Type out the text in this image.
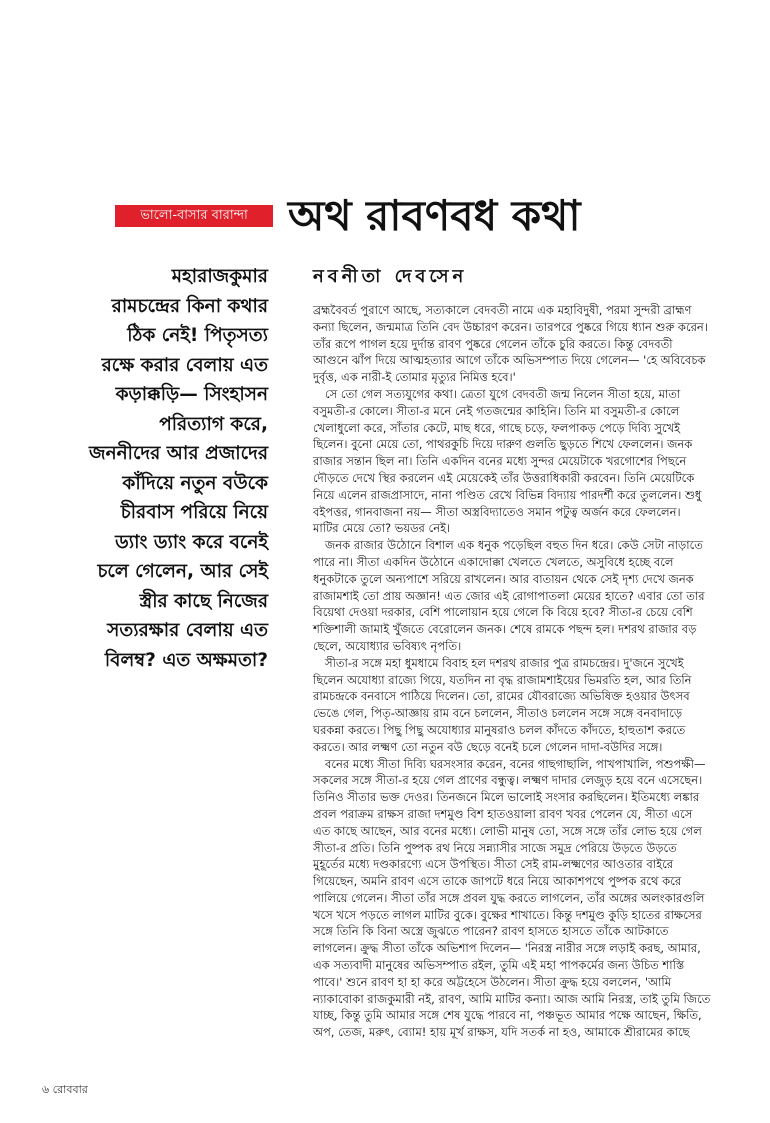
ভালো-বাসার বারান্দা অথ রাবণবধ কথা
নবনীতা দেবসেন

মহারাজকুমার

রামচন্দ্রের কিনা কথার

ঠিক নেই! পিতৃসত্য

রক্ষে করার বেলায় এত

কড়াক্কড়ি— সিংহাসন

পরিত্যাগ করে,

জননীদের আর প্রজাদের

কাঁদিয়ে নতুন বউকে

চীরবাস পরিয়ে নিয়ে

ড্যাং ড্যাং করে বনেই

চলে গেলেন, আর সেই

স্ত্রীর কাছে নিজের

সত্যরক্ষার বেলায় এত

বিলম্ব? এত অক্ষমতা?

ব্রহ্মবৈবর্ত পুরাণে আছে, সত্যকালে বেদবতী নামে এক মহাবিদুষী, পরমা সুন্দরী ব্রাহ্মণ

কন্যা ছিলেন, জন্মমাত্র তিনি বেদ উচ্চারণ করেন। তারপরে পুষ্করে গিয়ে ধ্যান শুরু করেন।

তাঁর রূপে পাগল হয়ে দুর্দান্ত রাবণ পুষ্করে গেলেন তাঁকে চুরি করতে। কিন্তু বেদবতী

আগুনে ঝাঁপ দিয়ে আত্মহত্যার আগে তাঁকে অভিসম্পাত দিয়ে গেলেন— 'হে অবিবেচক

দুর্বৃত্ত, এক নারী-ই তোমার মৃত্যুর নিমিত্ত হবে।'

সে তো গেল সত্যযুগের কথা। ত্রেতা যুগে বেদবতী জন্ম নিলেন সীতা হয়ে, মাতা

বসুমতী-র কোলে। সীতা-র মনে নেই গতজন্মের কাহিনি। তিনি মা বসুমতী-র কোলে

খেলাধুলো করে, সাঁতার কেটে, মাছ ধরে, গাছে চড়ে, ফলপাকড় পেড়ে দিব্যি সুখেই

ছিলেন। বুনো মেয়ে তো, পাথরকুচি দিয়ে দারুণ গুলতি ছুড়তে শিখে ফেললেন। জনক

রাজার সন্তান ছিল না। তিনি একদিন বনের মধ্যে সুন্দর মেয়েটাকে খরগোশের পিছনে

দৌড়তে দেখে স্থির করলেন এই মেয়েকেই তাঁর উত্তরাধিকারী করবেন। তিনি মেয়েটিকে

নিয়ে এলেন রাজপ্রাসাদে, নানা পণ্ডিত রেখে বিভিন্ন বিদ্যায় পারদর্শী করে তুললেন। শুধু

বইপত্তর, গানবাজনা নয়— সীতা অস্ত্রবিদ্যাতেও সমান পটুত্ব অর্জন করে ফেললেন।

মাটির মেয়ে তো? ভয়ডর নেই।

জনক রাজার উঠোনে বিশাল এক ধনুক পড়েছিল বহুত দিন ধরে। কেউ সেটা নাড়াতে

পারে না। সীতা একদিন উঠোনে একাদোক্কা খেলতে খেলতে, অসুবিধে হচ্ছে বলে

ধনুকটাকে তুলে অন্যপাশে সরিয়ে রাখলেন। আর বাতায়ন থেকে সেই দৃশ্য দেখে জনক

রাজামশাই তো প্রায় অজ্ঞান! এত জোর এই রোগাপাতলা মেয়ের হাতে? এবার তো তার

বিয়েথা দেওয়া দরকার, বেশি পালোয়ান হয়ে গেলে কি বিয়ে হবে? সীতা-র চেয়ে বেশি

শক্তিশালী জামাই খুঁজতে বেরোলেন জনক। শেষে রামকে পছন্দ হল। দশরথ রাজার বড়

ছেলে, অযোধ্যার ভবিষ্যৎ নৃপতি।

সীতা-র সঙ্গে মহা ধুমধামে বিবাহ হল দশরথ রাজার পুত্র রামচন্দ্রের। দু'জনে সুখেই

ছিলেন অযোধ্যা রাজ্যে গিয়ে, যতদিন না বৃদ্ধ রাজামশাইয়ের ভিমরতি হল, আর তিনি

রামচন্দ্রকে বনবাসে পাঠিয়ে দিলেন। তো, রামের যৌবরাজ্যে অভিষিক্ত হওয়ার উৎসব

ভেঙে গেল, পিতৃ-আজ্ঞায় রাম বনে চললেন, সীতাও চললেন সঙ্গে সঙ্গে বনবাদাড়ে

ঘরকন্না করতে। পিছু পিছু অযোধ্যার মানুষরাও চলল কাঁদতে কাঁদতে, হাহুতাশ করতে

করতে। আর লক্ষ্মণ তো নতুন বউ ছেড়ে বনেই চলে গেলেন দাদা-বউদির সঙ্গে।

বনের মধ্যে সীতা দিব্যি ঘরসংসার করেন, বনের গাছগাছালি, পাখপাখালি, পশুপক্ষী—

সকলের সঙ্গে সীতা-র হয়ে গেল প্রাণের বন্ধুত্ব। লক্ষ্মণ দাদার লেজুড় হয়ে বনে এসেছেন।

তিনিও সীতার ভক্ত দেওর। তিনজনে মিলে ভালোই সংসার করছিলেন। ইতিমধ্যে লঙ্কার

প্রবল পরাক্রম রাক্ষস রাজা দশমুণ্ড বিশ হাতওয়ালা রাবণ খবর পেলেন যে, সীতা এসে

এত কাছে আছেন, আর বনের মধ্যে। লোভী মানুষ তো, সঙ্গে সঙ্গে তাঁর লোভ হয়ে গেল

সীতা-র প্রতি। তিনি পুষ্পক রথ নিয়ে সন্ন্যাসীর সাজে সমুদ্র পেরিয়ে উড়তে উড়তে

মুহূর্তের মধ্যে দণ্ডকারণ্যে এসে উপস্থিত। সীতা সেই রাম-লক্ষ্মণের আওতার বাইরে

গিয়েছেন, অমনি রাবণ এসে তাকে জাপটে ধরে নিয়ে আকাশপথে পুষ্পক রথে করে

পালিয়ে গেলেন। সীতা তাঁর সঙ্গে প্রবল যুদ্ধ করতে লাগলেন, তাঁর অঙ্গের অলংকারগুলি

খসে খসে পড়তে লাগল মাটির বুকে। বুক্ষের শাখাতে। কিন্তু দশমুণ্ড কুড়ি হাতের রাক্ষসের

সঙ্গে তিনি কি বিনা অস্ত্রে জুঝতে পারেন? রাবণ হাসতে হাসতে তাঁকে আটকাতে

লাগলেন। ক্রুদ্ধ সীতা তাঁকে অভিশাপ দিলেন— 'নিরস্ত্র নারীর সঙ্গে লড়াই করছ, আমার,

এক সত্যবাদী মানুষের অভিসম্পাত রইল, তুমি এই মহা পাপকর্মের জন্য উচিত শাস্তি

পাবে।' শুনে রাবণ হা হা করে অট্টহেসে উঠলেন। সীতা ক্রুদ্ধ হয়ে বললেন, 'আমি

ন্যাকাবোকা রাজকুমারী নই, রাবণ, আমি মাটির কন্যা। আজ আমি নিরস্ত্র, তাই তুমি জিতে

যাচ্ছ, কিন্তু তুমি আমার সঙ্গে শেষ যুদ্ধে পারবে না, পঞ্চভূত আমার পক্ষে আছেন, ক্ষিতি,

অপ, তেজ, মরুৎ, ব্যোম! হায় মূর্খ রাক্ষস, যদি সতর্ক না হও, আমাকে শ্রীরামের কাছে

৬ রোববার
